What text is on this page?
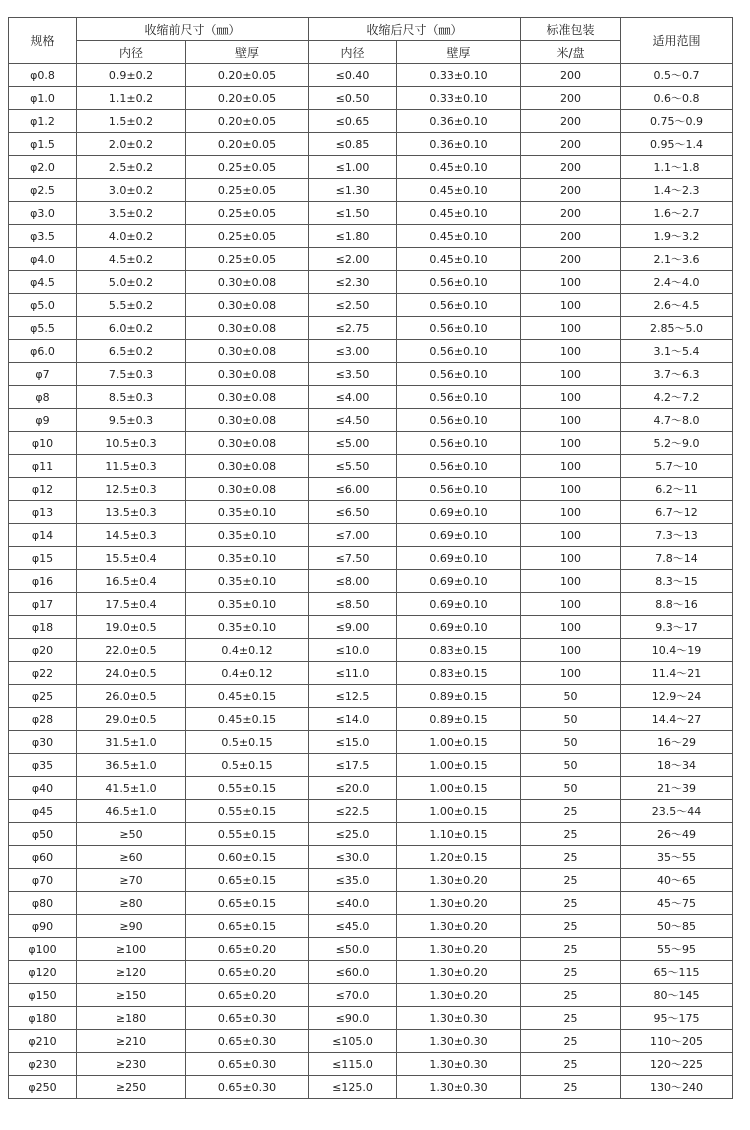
规格	收缩前尺寸（㎜）		收缩后尺寸（㎜）		标准包装	适用范围
	内径	壁厚	内径	壁厚	米/盘	
φ0.8	0.9±0.2	0.20±0.05	≤0.40	0.33±0.10	200	0.5～0.7
φ1.0	1.1±0.2	0.20±0.05	≤0.50	0.33±0.10	200	0.6～0.8
φ1.2	1.5±0.2	0.20±0.05	≤0.65	0.36±0.10	200	0.75～0.9
φ1.5	2.0±0.2	0.20±0.05	≤0.85	0.36±0.10	200	0.95～1.4
φ2.0	2.5±0.2	0.25±0.05	≤1.00	0.45±0.10	200	1.1～1.8
φ2.5	3.0±0.2	0.25±0.05	≤1.30	0.45±0.10	200	1.4～2.3
φ3.0	3.5±0.2	0.25±0.05	≤1.50	0.45±0.10	200	1.6～2.7
φ3.5	4.0±0.2	0.25±0.05	≤1.80	0.45±0.10	200	1.9～3.2
φ4.0	4.5±0.2	0.25±0.05	≤2.00	0.45±0.10	200	2.1～3.6
φ4.5	5.0±0.2	0.30±0.08	≤2.30	0.56±0.10	100	2.4～4.0
φ5.0	5.5±0.2	0.30±0.08	≤2.50	0.56±0.10	100	2.6～4.5
φ5.5	6.0±0.2	0.30±0.08	≤2.75	0.56±0.10	100	2.85～5.0
φ6.0	6.5±0.2	0.30±0.08	≤3.00	0.56±0.10	100	3.1～5.4
φ7	7.5±0.3	0.30±0.08	≤3.50	0.56±0.10	100	3.7～6.3
φ8	8.5±0.3	0.30±0.08	≤4.00	0.56±0.10	100	4.2～7.2
φ9	9.5±0.3	0.30±0.08	≤4.50	0.56±0.10	100	4.7～8.0
φ10	10.5±0.3	0.30±0.08	≤5.00	0.56±0.10	100	5.2～9.0
φ11	11.5±0.3	0.30±0.08	≤5.50	0.56±0.10	100	5.7～10
φ12	12.5±0.3	0.30±0.08	≤6.00	0.56±0.10	100	6.2～11
φ13	13.5±0.3	0.35±0.10	≤6.50	0.69±0.10	100	6.7～12
φ14	14.5±0.3	0.35±0.10	≤7.00	0.69±0.10	100	7.3～13
φ15	15.5±0.4	0.35±0.10	≤7.50	0.69±0.10	100	7.8～14
φ16	16.5±0.4	0.35±0.10	≤8.00	0.69±0.10	100	8.3～15
φ17	17.5±0.4	0.35±0.10	≤8.50	0.69±0.10	100	8.8～16
φ18	19.0±0.5	0.35±0.10	≤9.00	0.69±0.10	100	9.3～17
φ20	22.0±0.5	0.4±0.12	≤10.0	0.83±0.15	100	10.4～19
φ22	24.0±0.5	0.4±0.12	≤11.0	0.83±0.15	100	11.4～21
φ25	26.0±0.5	0.45±0.15	≤12.5	0.89±0.15	50	12.9～24
φ28	29.0±0.5	0.45±0.15	≤14.0	0.89±0.15	50	14.4～27
φ30	31.5±1.0	0.5±0.15	≤15.0	1.00±0.15	50	16～29
φ35	36.5±1.0	0.5±0.15	≤17.5	1.00±0.15	50	18～34
φ40	41.5±1.0	0.55±0.15	≤20.0	1.00±0.15	50	21～39
φ45	46.5±1.0	0.55±0.15	≤22.5	1.00±0.15	25	23.5～44
φ50	≥50	0.55±0.15	≤25.0	1.10±0.15	25	26～49
φ60	≥60	0.60±0.15	≤30.0	1.20±0.15	25	35～55
φ70	≥70	0.65±0.15	≤35.0	1.30±0.20	25	40～65
φ80	≥80	0.65±0.15	≤40.0	1.30±0.20	25	45～75
φ90	≥90	0.65±0.15	≤45.0	1.30±0.20	25	50～85
φ100	≥100	0.65±0.20	≤50.0	1.30±0.20	25	55～95
φ120	≥120	0.65±0.20	≤60.0	1.30±0.20	25	65～115
φ150	≥150	0.65±0.20	≤70.0	1.30±0.20	25	80～145
φ180	≥180	0.65±0.30	≤90.0	1.30±0.30	25	95～175
φ210	≥210	0.65±0.30	≤105.0	1.30±0.30	25	110～205
φ230	≥230	0.65±0.30	≤115.0	1.30±0.30	25	120～225
φ250	≥250	0.65±0.30	≤125.0	1.30±0.30	25	130～240
